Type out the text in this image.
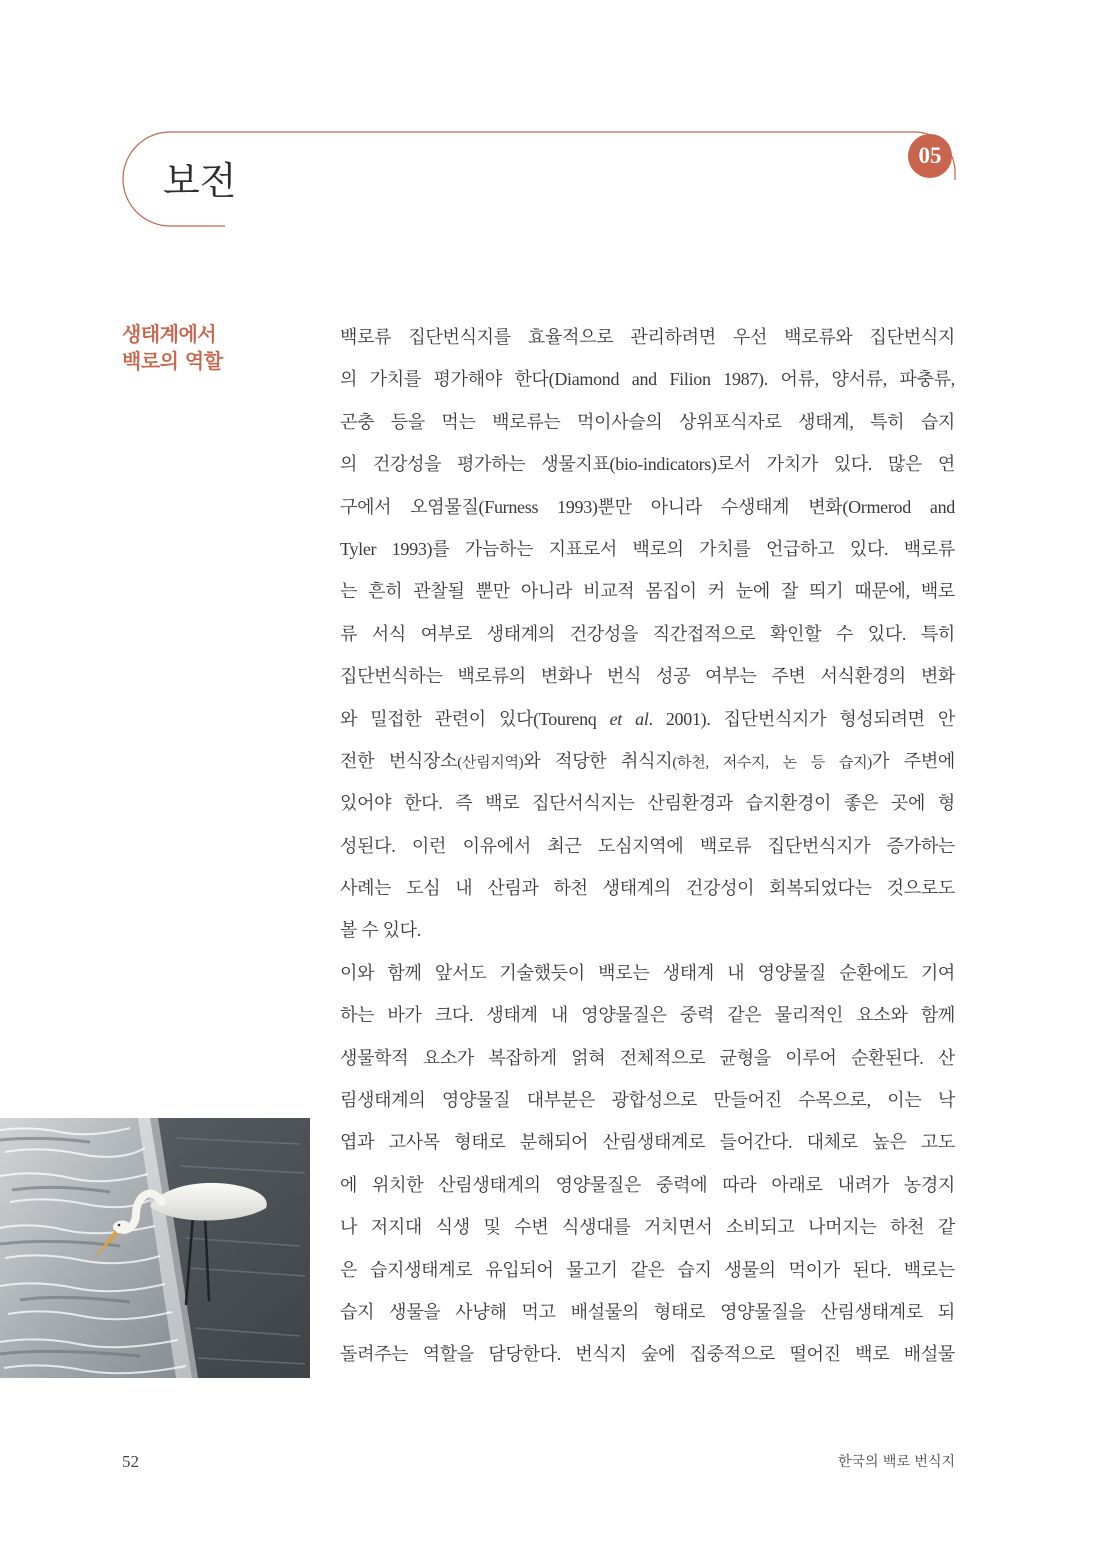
보전
05
생태계에서
백로의 역할
백로류 집단번식지를 효율적으로 관리하려면 우선 백로류와 집단번식지
의 가치를 평가해야 한다(Diamond and Filion 1987). 어류, 양서류, 파충류,
곤충 등을 먹는 백로류는 먹이사슬의 상위포식자로 생태계, 특히 습지
의 건강성을 평가하는 생물지표(bio-indicators)로서 가치가 있다. 많은 연
구에서 오염물질(Furness 1993)뿐만 아니라 수생태계 변화(Ormerod and
Tyler 1993)를 가늠하는 지표로서 백로의 가치를 언급하고 있다. 백로류
는 흔히 관찰될 뿐만 아니라 비교적 몸집이 커 눈에 잘 띄기 때문에, 백로
류 서식 여부로 생태계의 건강성을 직간접적으로 확인할 수 있다. 특히
집단번식하는 백로류의 변화나 번식 성공 여부는 주변 서식환경의 변화
와 밀접한 관련이 있다(Tourenq et al. 2001). 집단번식지가 형성되려면 안
전한 번식장소(산림지역)와 적당한 취식지(하천, 저수지, 논 등 습지)가 주변에
있어야 한다. 즉 백로 집단서식지는 산림환경과 습지환경이 좋은 곳에 형
성된다. 이런 이유에서 최근 도심지역에 백로류 집단번식지가 증가하는
사례는 도심 내 산림과 하천 생태계의 건강성이 회복되었다는 것으로도
볼 수 있다.
이와 함께 앞서도 기술했듯이 백로는 생태계 내 영양물질 순환에도 기여
하는 바가 크다. 생태계 내 영양물질은 중력 같은 물리적인 요소와 함께
생물학적 요소가 복잡하게 얽혀 전체적으로 균형을 이루어 순환된다. 산
림생태계의 영양물질 대부분은 광합성으로 만들어진 수목으로, 이는 낙
엽과 고사목 형태로 분해되어 산림생태계로 들어간다. 대체로 높은 고도
에 위치한 산림생태계의 영양물질은 중력에 따라 아래로 내려가 농경지
나 저지대 식생 및 수변 식생대를 거치면서 소비되고 나머지는 하천 같
은 습지생태계로 유입되어 물고기 같은 습지 생물의 먹이가 된다. 백로는
습지 생물을 사냥해 먹고 배설물의 형태로 영양물질을 산림생태계로 되
돌려주는 역할을 담당한다. 번식지 숲에 집중적으로 떨어진 백로 배설물
52	한국의 백로 번식지
